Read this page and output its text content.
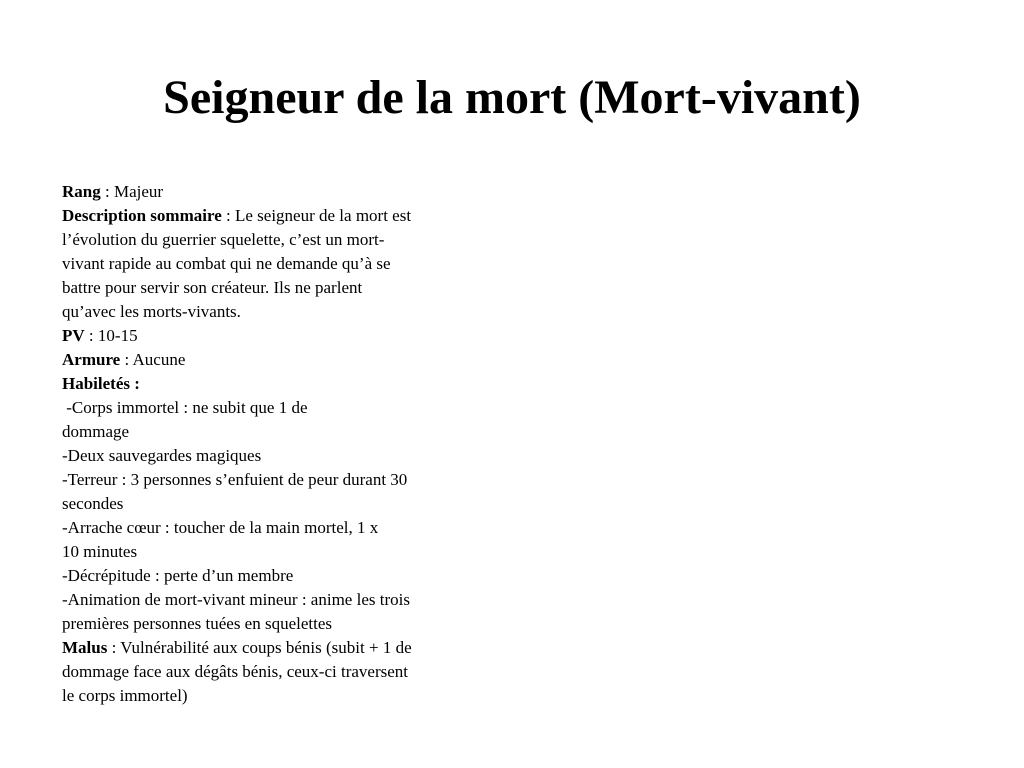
Seigneur de la mort (Mort-vivant)
Rang : Majeur
Description sommaire : Le seigneur de la mort est
l’évolution du guerrier squelette, c’est un mort-
vivant rapide au combat qui ne demande qu’à se
battre pour servir son créateur. Ils ne parlent
qu’avec les morts-vivants.
PV : 10-15
Armure : Aucune
Habiletés :
-Corps immortel : ne subit que 1 de
dommage
-Deux sauvegardes magiques
-Terreur : 3 personnes s’enfuient de peur durant 30
secondes
-Arrache cœur : toucher de la main mortel, 1 x
10 minutes
-Décrépitude : perte d’un membre
-Animation de mort-vivant mineur : anime les trois
premières personnes tuées en squelettes
Malus : Vulnérabilité aux coups bénis (subit + 1 de
dommage face aux dégâts bénis, ceux-ci traversent
le corps immortel)
